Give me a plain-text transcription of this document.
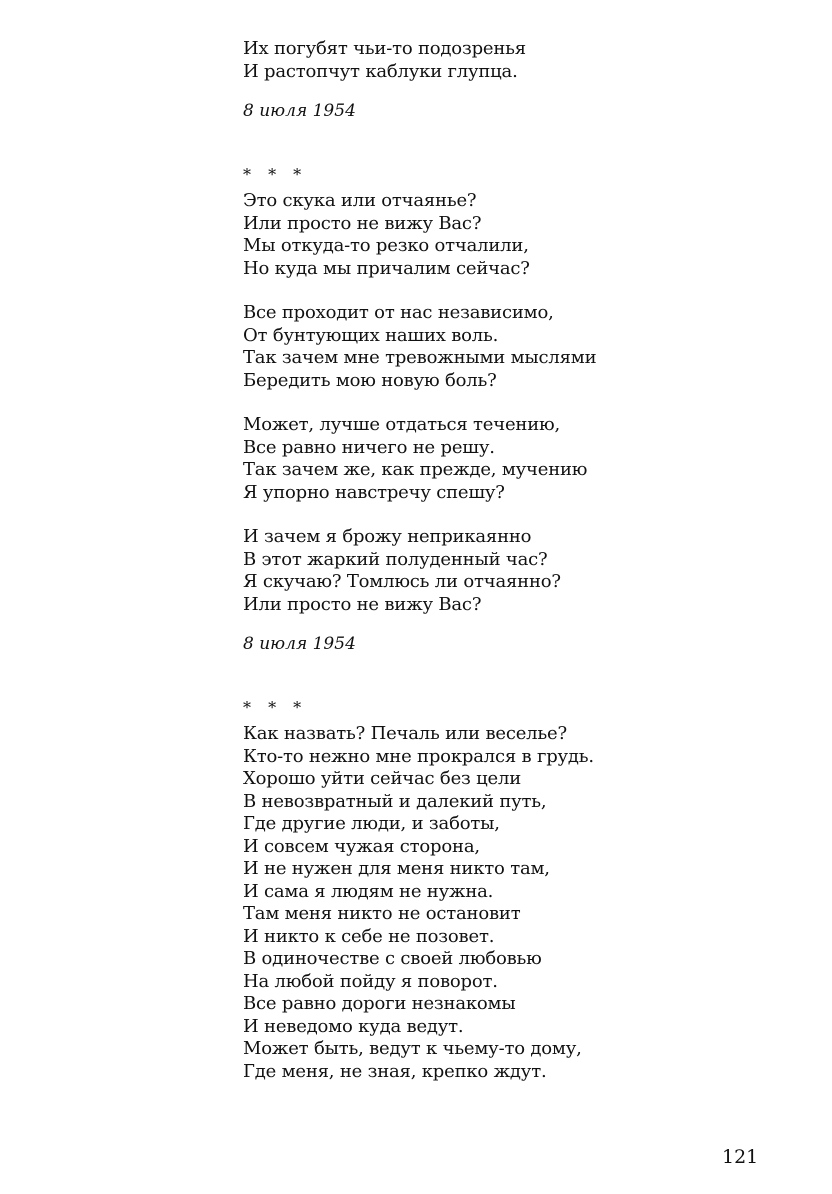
Их погубят чьи-то подозренья
И растопчут каблуки глупца.
8 июля 1954
* * *
Это скука или отчаянье?
Или просто не вижу Вас?
Мы откуда-то резко отчалили,
Но куда мы причалим сейчас?
Все проходит от нас независимо,
От бунтующих наших воль.
Так зачем мне тревожными мыслями
Бередить мою новую боль?
Может, лучше отдаться течению,
Все равно ничего не решу.
Так зачем же, как прежде, мучению
Я упорно навстречу спешу?
И зачем я брожу неприкаянно
В этот жаркий полуденный час?
Я скучаю? Томлюсь ли отчаянно?
Или просто не вижу Вас?
8 июля 1954
* * *
Как назвать? Печаль или веселье?
Кто-то нежно мне прокрался в грудь.
Хорошо уйти сейчас без цели
В невозвратный и далекий путь,
Где другие люди, и заботы,
И совсем чужая сторона,
И не нужен для меня никто там,
И сама я людям не нужна.
Там меня никто не остановит
И никто к себе не позовет.
В одиночестве с своей любовью
На любой пойду я поворот.
Все равно дороги незнакомы
И неведомо куда ведут.
Может быть, ведут к чьему-то дому,
Где меня, не зная, крепко ждут.
121
